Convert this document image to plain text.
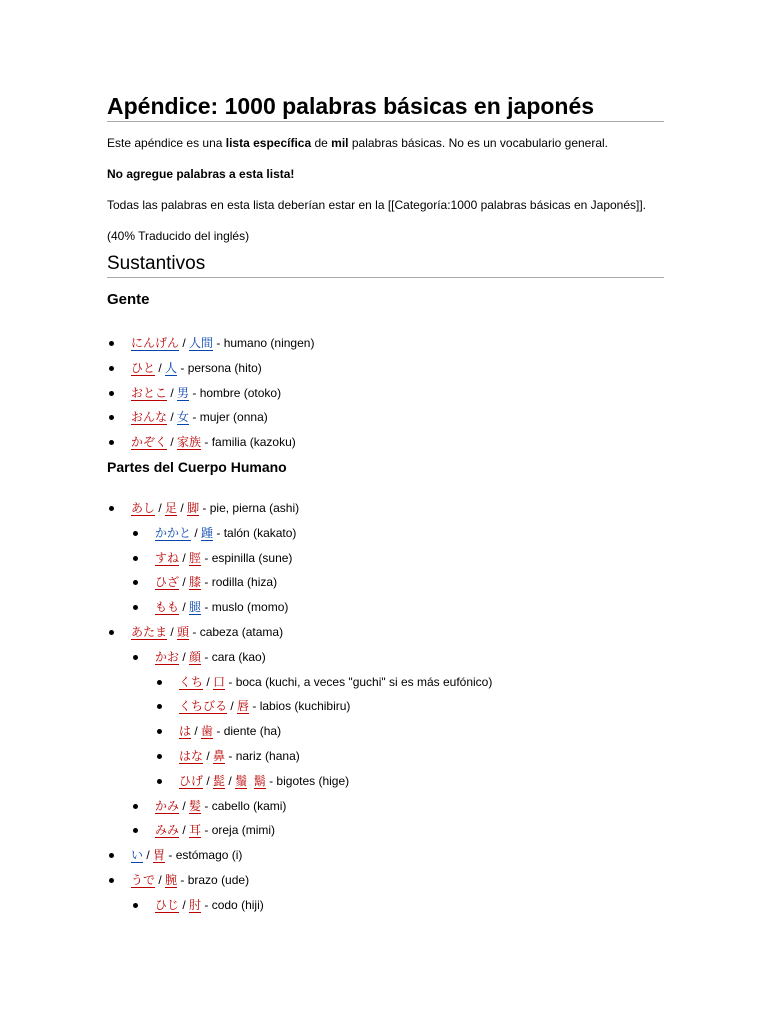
Apéndice: 1000 palabras básicas en japonés
Este apéndice es una lista específica de mil palabras básicas. No es un vocabulario general.
No agregue palabras a esta lista!
Todas las palabras en esta lista deberían estar en la [[Categoría:1000 palabras básicas en Japonés]].
(40% Traducido del inglés)
Sustantivos
Gente
にんげん / 人間 - humano (ningen)
ひと / 人 - persona (hito)
おとこ / 男 - hombre (otoko)
おんな / 女 - mujer (onna)
かぞく / 家族 - familia (kazoku)
Partes del Cuerpo Humano
あし / 足 / 脚 - pie, pierna (ashi)
かかと / 踵 - talón (kakato)
すね / 脛 - espinilla (sune)
ひざ / 膝 - rodilla (hiza)
もも / 腿 - muslo (momo)
あたま / 頭 - cabeza (atama)
かお / 顔 - cara (kao)
くち / 口 - boca (kuchi, a veces "guchi" si es más eufónico)
くちびる / 唇 - labios (kuchibiru)
は / 歯 - diente (ha)
はな / 鼻 - nariz (hana)
ひげ / 髭 / 鬚 鬍 - bigotes (hige)
かみ / 髪 - cabello (kami)
みみ / 耳 - oreja (mimi)
い / 胃 - estómago (i)
うで / 腕 - brazo (ude)
ひじ / 肘 - codo (hiji)
